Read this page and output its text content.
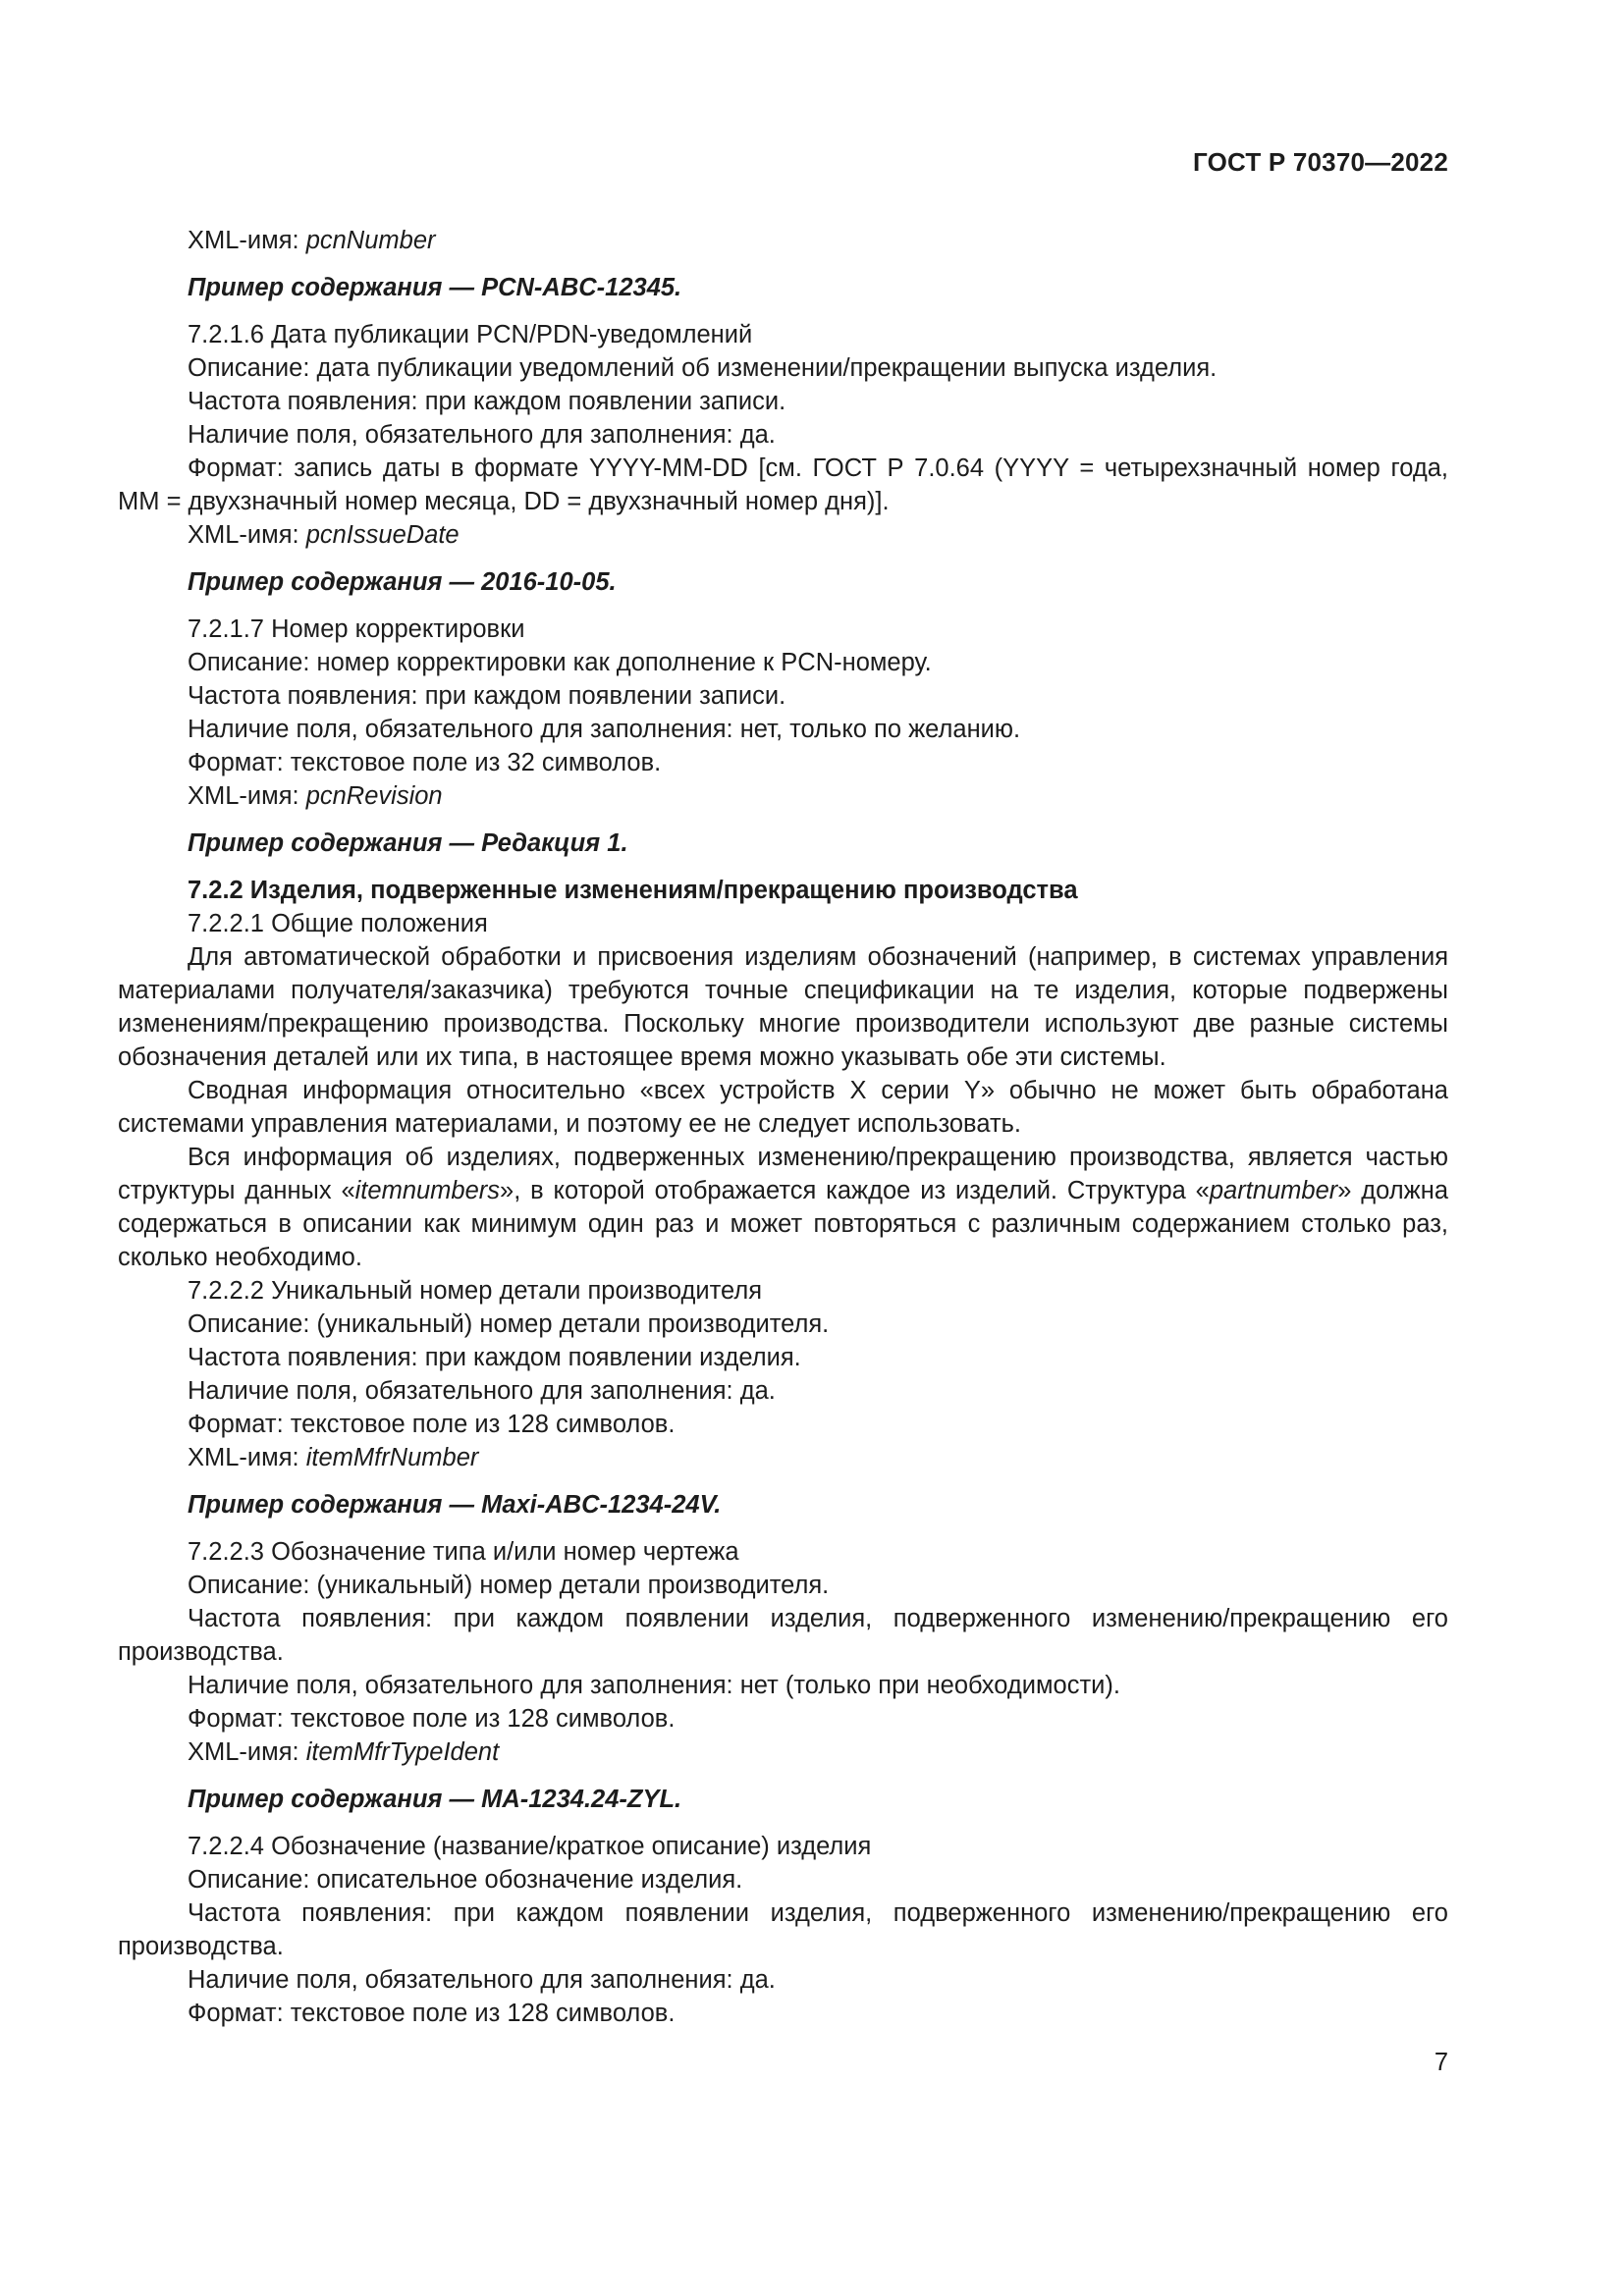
ГОСТ Р 70370—2022

XML-имя: pcnNumber

Пример содержания — PCN-ABC-12345.

7.2.1.6 Дата публикации PCN/PDN-уведомлений

Описание: дата публикации уведомлений об изменении/прекращении выпуска изделия.

Частота появления: при каждом появлении записи.

Наличие поля, обязательного для заполнения: да.

Формат: запись даты в формате YYYY-MM-DD [см. ГОСТ Р 7.0.64 (YYYY = четырехзначный номер года, MM = двухзначный номер месяца, DD = двухзначный номер дня)].

XML-имя: pcnIssueDate

Пример содержания — 2016-10-05.

7.2.1.7 Номер корректировки

Описание: номер корректировки как дополнение к PCN-номеру.

Частота появления: при каждом появлении записи.

Наличие поля, обязательного для заполнения: нет, только по желанию.

Формат: текстовое поле из 32 символов.

XML-имя: pcnRevision

Пример содержания — Редакция 1.

7.2.2 Изделия, подверженные изменениям/прекращению производства

7.2.2.1 Общие положения

Для автоматической обработки и присвоения изделиям обозначений (например, в системах управления материалами получателя/заказчика) требуются точные спецификации на те изделия, которые подвержены изменениям/прекращению производства. Поскольку многие производители используют две разные системы обозначения деталей или их типа, в настоящее время можно указывать обе эти системы.

Сводная информация относительно «всех устройств X серии Y» обычно не может быть обработана системами управления материалами, и поэтому ее не следует использовать.

Вся информация об изделиях, подверженных изменению/прекращению производства, является частью структуры данных «itemnumbers», в которой отображается каждое из изделий. Структура «partnumber» должна содержаться в описании как минимум один раз и может повторяться с различным содержанием столько раз, сколько необходимо.

7.2.2.2 Уникальный номер детали производителя

Описание: (уникальный) номер детали производителя.

Частота появления: при каждом появлении изделия.

Наличие поля, обязательного для заполнения: да.

Формат: текстовое поле из 128 символов.

XML-имя: itemMfrNumber

Пример содержания — Maxi-ABC-1234-24V.

7.2.2.3 Обозначение типа и/или номер чертежа

Описание: (уникальный) номер детали производителя.

Частота появления: при каждом появлении изделия, подверженного изменению/прекращению его производства.

Наличие поля, обязательного для заполнения: нет (только при необходимости).

Формат: текстовое поле из 128 символов.

XML-имя: itemMfrTypeIdent

Пример содержания — MA-1234.24-ZYL.

7.2.2.4 Обозначение (название/краткое описание) изделия

Описание: описательное обозначение изделия.

Частота появления: при каждом появлении изделия, подверженного изменению/прекращению его производства.

Наличие поля, обязательного для заполнения: да.

Формат: текстовое поле из 128 символов.

7
